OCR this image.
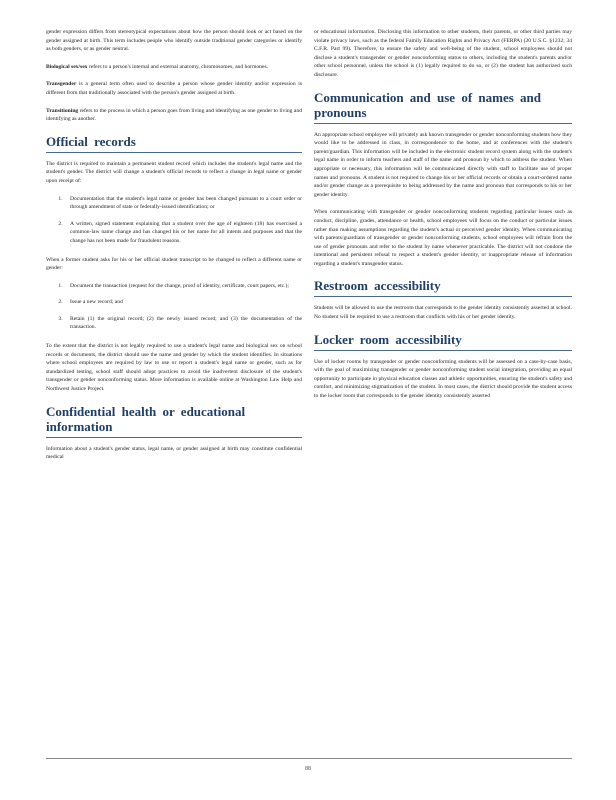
gender expression differs from stereotypical expectations about how the person should look or act based on the gender assigned at birth. This term includes people who identify outside traditional gender categories or identify as both genders, or as gender neutral.

Biological sex/sex refers to a person's internal and external anatomy, chromosomes, and hormones.

Transgender is a general term often used to describe a person whose gender identity and/or expression is different from that traditionally associated with the person's gender assigned at birth.

Transitioning refers to the process in which a person goes from living and identifying as one gender to living and identifying as another.

Official records

The district is required to maintain a permanent student record which includes the student's legal name and the student's gender. The district will change a student's official records to reflect a change in legal name or gender upon receipt of:

1. Documentation that the student's legal name or gender has been changed pursuant to a court order or through amendment of state or federally-issued identification; or
2. A written, signed statement explaining that a student over the age of eighteen (18) has exercised a common-law name change and has changed his or her name for all intents and purposes and that the change has not been made for fraudulent reasons.

When a former student asks for his or her official student transcript to be changed to reflect a different name or gender:

1. Document the transaction (request for the change, proof of identity, certificate, court papers, etc.);
2. Issue a new record; and
3. Retain (1) the original record; (2) the newly issued record; and (3) the documentation of the transaction.

To the extent that the district is not legally required to use a student's legal name and biological sex on school records or documents, the district should use the name and gender by which the student identifies. In situations where school employees are required by law to use or report a student's legal name or gender, such as for standardized testing, school staff should adopt practices to avoid the inadvertent disclosure of the student's transgender or gender nonconforming status. More information is available online at Washington Law Help and Northwest Justice Project.

Confidential health or educational information

Information about a student's gender status, legal name, or gender assigned at birth may constitute confidential medical

or educational information. Disclosing this information to other students, their parents, or other third parties may violate privacy laws, such as the federal Family Education Rights and Privacy Act (FERPA) (20 U.S.C. §1232; 34 C.F.R. Part 99). Therefore, to ensure the safety and well-being of the student, school employees should not disclose a student's transgender or gender nonconforming status to others, including the student's parents and/or other school personnel, unless the school is (1) legally required to do so, or (2) the student has authorized such disclosure.

Communication and use of names and pronouns

An appropriate school employee will privately ask known transgender or gender nonconforming students how they would like to be addressed in class, in correspondence to the home, and at conferences with the student's parent/guardian. This information will be included in the electronic student record system along with the student's legal name in order to inform teachers and staff of the name and pronoun by which to address the student. When appropriate or necessary, this information will be communicated directly with staff to facilitate use of proper names and pronouns. A student is not required to change his or her official records or obtain a court-ordered name and/or gender change as a prerequisite to being addressed by the name and pronoun that corresponds to his or her gender identity.

When communicating with transgender or gender nonconforming students regarding particular issues such as conduct, discipline, grades, attendance or health, school employees will focus on the conduct or particular issues rather than making assumptions regarding the student's actual or perceived gender identity. When communicating with parents/guardians of transgender or gender nonconforming students, school employees will refrain from the use of gender pronouns and refer to the student by name whenever practicable. The district will not condone the intentional and persistent refusal to respect a student's gender identity, or inappropriate release of information regarding a student's transgender status.

Restroom accessibility

Students will be allowed to use the restroom that corresponds to the gender identity consistently asserted at school. No student will be required to use a restroom that conflicts with his or her gender identity.

Locker room accessibility

Use of locker rooms by transgender or gender nonconforming students will be assessed on a case-by-case basis, with the goal of maximizing transgender or gender nonconforming student social integration, providing an equal opportunity to participate in physical education classes and athletic opportunities, ensuring the student's safety and comfort, and minimizing stigmatization of the student. In most cases, the district should provide the student access to the locker room that corresponds to the gender identity consistently asserted

88
